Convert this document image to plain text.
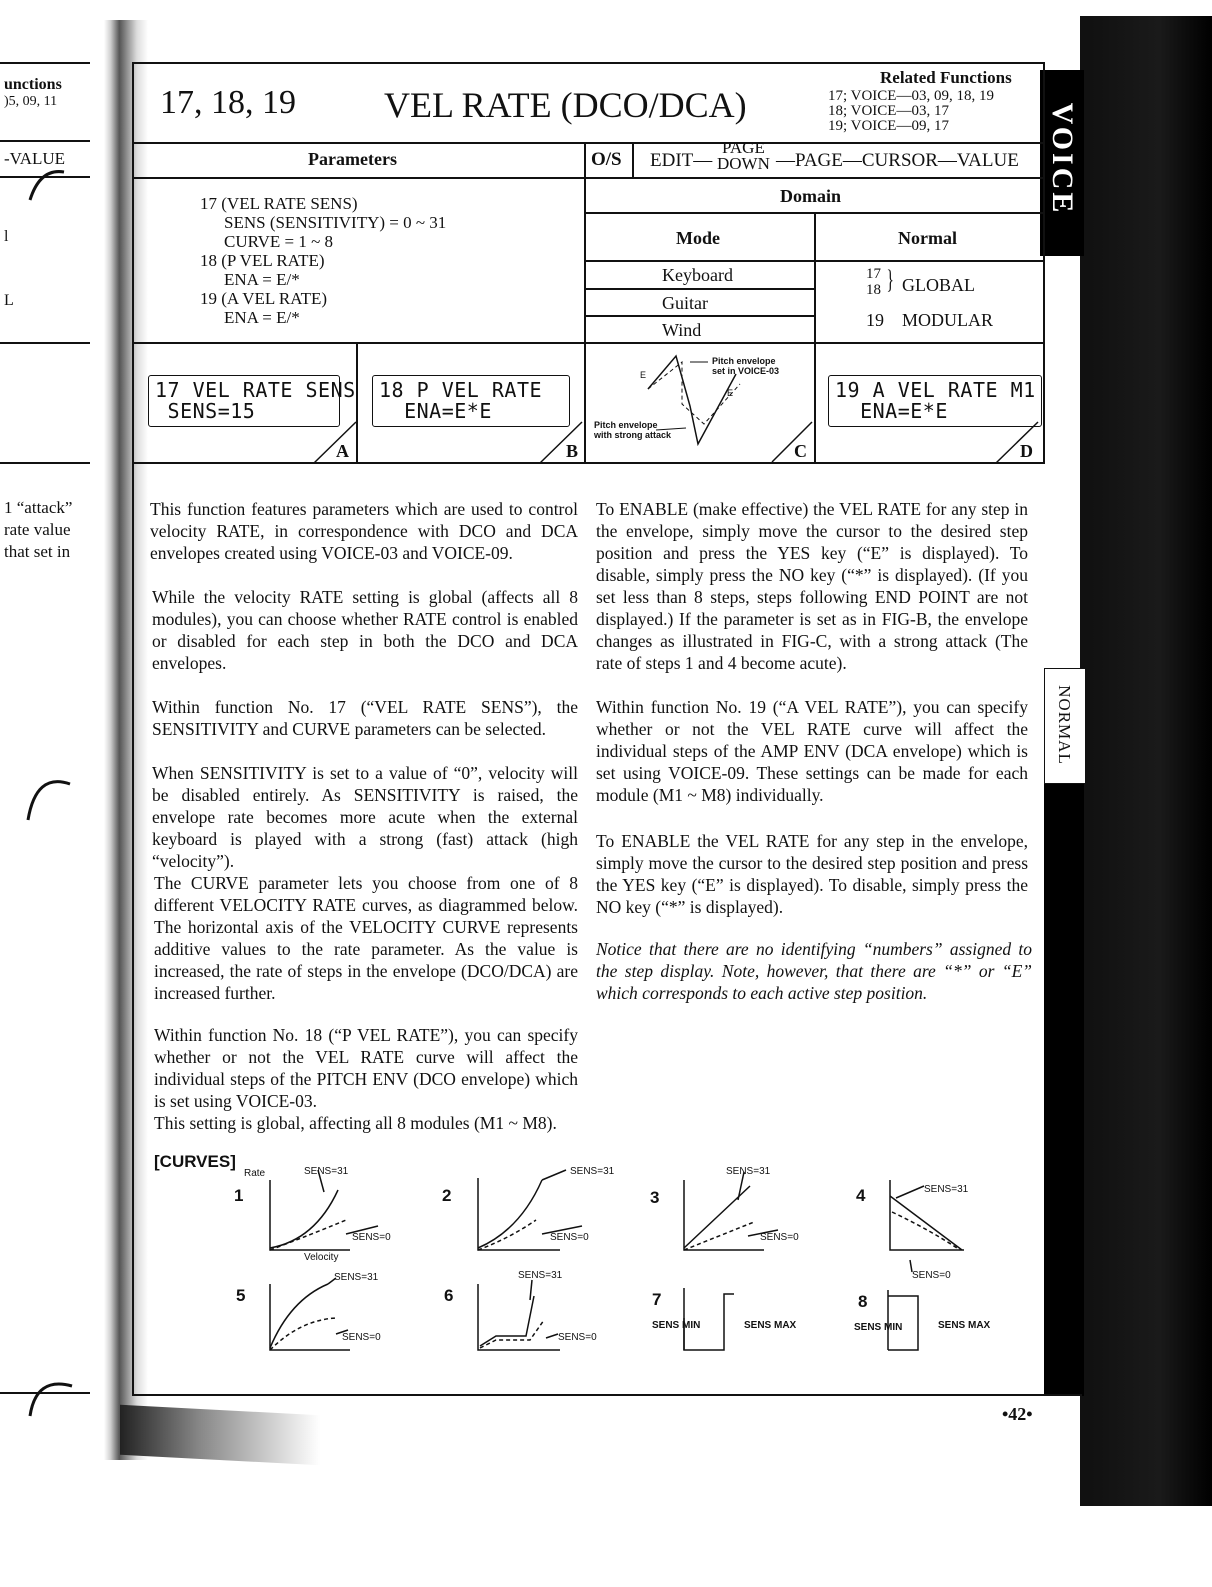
VOICE
NORMAL
unctions
)5, 09, 11
-VALUE
l
L
1 “attack”
rate value
that set in
17, 18, 19 VEL RATE (DCO/DCA)
Related Functions
17; VOICE—03, 09, 18, 19
18; VOICE—03, 17
19; VOICE—09, 17
Parameters	O/S EDIT—
PAGE
DOWN —PAGE—CURSOR—VALUE
17 (VEL RATE SENS)
SENS (SENSITIVITY) = 0 ~ 31
CURVE = 1 ~ 8
18 (P VEL RATE)
ENA = E/*
19 (A VEL RATE)
ENA = E/*
Domain
Mode	Normal
Keyboard
Guitar
Wind
17
18 } GLOBAL
19 MODULAR
17 VEL RATE SENS
SENS=15
A
18 P VEL RATE
ENA=E*E
B
Pitch envelope
set in VOICE-03
Pitch envelope
with strong attack
E
E
C
19 A VEL RATE M1
ENA=E*E
D
This function features parameters which are used to control velocity RATE, in correspondence with DCO and DCA envelopes created using VOICE-03 and VOICE-09.
While the velocity RATE setting is global (affects all 8 modules), you can choose whether RATE control is enabled or disabled for each step in both the DCO and DCA envelopes.
Within function No. 17 (“VEL RATE SENS”), the SENSITIVITY and CURVE parameters can be selected.
When SENSITIVITY is set to a value of “0”, velocity will be disabled entirely. As SENSITIVITY is raised, the envelope rate becomes more acute when the external keyboard is played with a strong (fast) attack (high “velocity”).
The CURVE parameter lets you choose from one of 8 different VELOCITY RATE curves, as diagrammed below. The horizontal axis of the VELOCITY CURVE represents additive values to the rate parameter. As the value is increased, the rate of steps in the envelope (DCO/DCA) are increased further.
Within function No. 18 (“P VEL RATE”), you can specify whether or not the VEL RATE curve will affect the individual steps of the PITCH ENV (DCO envelope) which is set using VOICE-03.
This setting is global, affecting all 8 modules (M1 ~ M8).
To ENABLE (make effective) the VEL RATE for any step in the envelope, simply move the cursor to the desired step position and press the YES key (“E” is displayed). To disable, simply press the NO key (“*” is displayed). (If you set less than 8 steps, steps following END POINT are not displayed.) If the parameter is set as in FIG-B, the envelope changes as illustrated in FIG-C, with a strong attack (The rate of steps 1 and 4 become acute).
Within function No. 19 (“A VEL RATE”), you can specify whether or not the VEL RATE curve will affect the individual steps of the AMP ENV (DCA envelope) which is set using VOICE-09. These settings can be made for each module (M1 ~ M8) individually.
To ENABLE the VEL RATE for any step in the envelope, simply move the cursor to the desired step position and press the YES key (“E” is displayed). To disable, simply press the NO key (“*” is displayed).
Notice that there are no identifying “numbers” assigned to the step display. Note, however, that there are “*” or “E” which corresponds to each active step position.
[CURVES]
Rate
Velocity
1	2	3	4
5	6	7	8
SENS=31
SENS=0
SENS=31
SENS=0
SENS=31
SENS=0
SENS=31
SENS=0
SENS=31
SENS=0
SENS=31
SENS=0
SENS MIN	SENS MAX	SENS MIN	SENS MAX
•42•
